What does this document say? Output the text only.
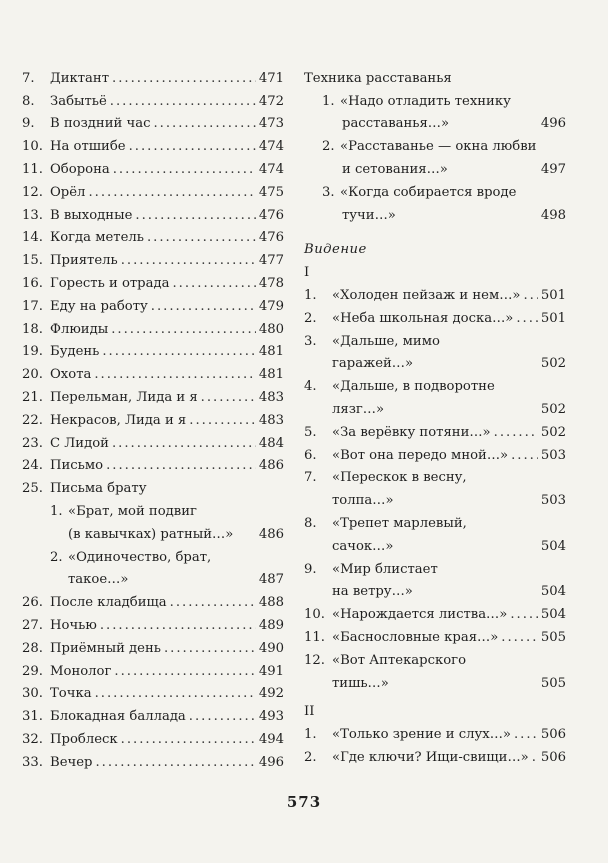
7.	Диктант .....	471
8.	Забытьё .....	472
9.	В поздний час .....	473
10. На отшибе .....	474
11. Оборона .....	474
12. Орёл .....	475
13. В выходные .....	476
14. Когда метель .....	476
15. Приятель .....	477
16. Горесть и отрада .....	478
17. Еду на работу .....	479
18. Флюиды .....	480
19. Будень .....	481
20. Охота .....	481
21. Перельман, Лида и я .....	483
22. Некрасов, Лида и я .....	483
23. С Лидой .....	484
24. Письмо .....	486
25. Письма брату
1. «Брат, мой подвиг
(в кавычках) ратный…» 486
2. «Одиночество, брат,
такое…»	487
26. После кладбища .....	488
27. Ночью .....	489
28. Приёмный день .....	490
29. Монолог .....	491
30. Точка .....	492
31. Блокадная баллада .....	493
32. Проблеск .....	494
33. Вечер .....	496
Техника расставанья
1. «Надо отладить технику
расставанья…»	496
2. «Расставанье — окна любви
и сетования…»	497
3. «Когда собирается вроде
тучи…»	498
Видение
I
1.	«Холоден пейзаж и нем…» ..... 501
2.	«Неба школьная доска…» ..... 501
3.	«Дальше, мимо
гаражей…»	502
4.	«Дальше, в подворотне
лязг…»	502
5.	«За верёвку потяни…» .....	502
6.	«Вот она передо мной…» ..... 503
7.	«Перескок в весну,
толпа…»	503
8.	«Трепет марлевый,
сачок…»	504
9.	«Мир блистает
на ветру…»	504
10. «Нарождается листва…» .....	504
11. «Баснословные края…» .....	505
12. «Вот Аптекарского
тишь…»	505
II
1.	«Только зрение и слух…» ..... 506
2.	«Где ключи? Ищи-свищи…» ..... 506
573
